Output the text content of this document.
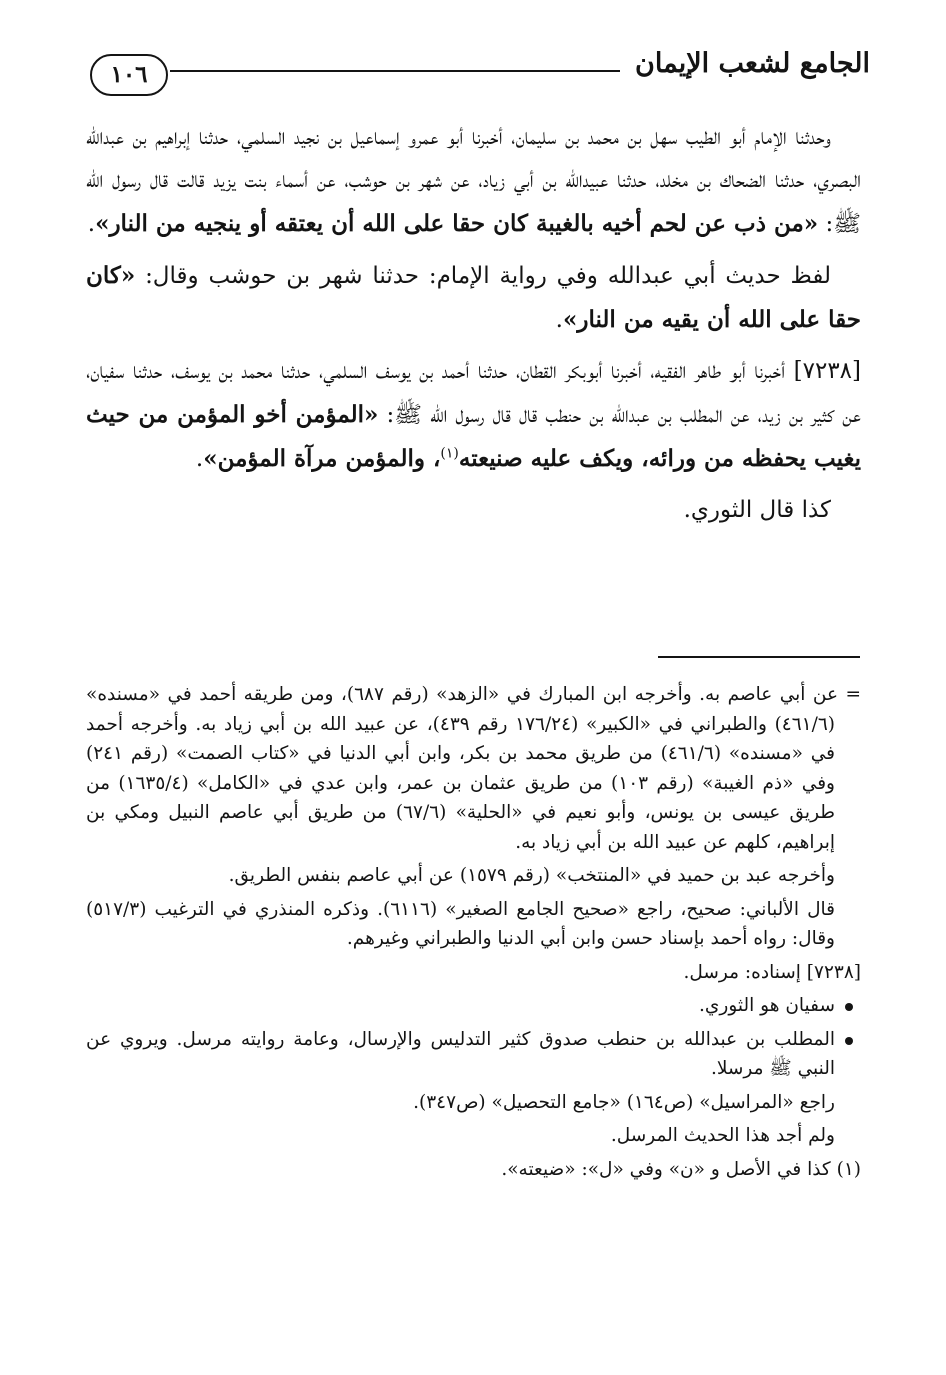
الجامع لشعب الإيمان
١٠٦

وحدثنا الإمام أبو الطيب سهل بن محمد بن سليمان، أخبرنا أبو عمرو إسماعيل بن نجيد السلمي، حدثنا إبراهيم بن عبدالله البصري، حدثنا الضحاك بن مخلد، حدثنا عبيدالله بن أبي زياد، عن شهر بن حوشب، عن أسماء بنت يزيد قالت قال رسول الله ﷺ: «من ذب عن لحم أخيه بالغيبة كان حقا على الله أن يعتقه أو ينجيه من النار».

لفظ حديث أبي عبدالله وفي رواية الإمام: حدثنا شهر بن حوشب وقال: «كان حقا على الله أن يقيه من النار».

[٧٢٣٨] أخبرنا أبو طاهر الفقيه، أخبرنا أبوبكر القطان، حدثنا أحمد بن يوسف السلمي، حدثنا محمد بن يوسف، حدثنا سفيان، عن كثير بن زيد، عن المطلب بن عبدالله بن حنطب قال قال رسول الله ﷺ: «المؤمن أخو المؤمن من حيث يغيب يحفظه من ورائه، ويكف عليه صنيعته$^{(١)}$، والمؤمن مرآة المؤمن».

كذا قال الثوري.

= عن أبي عاصم به. وأخرجه ابن المبارك في «الزهد» (رقم ٦٨٧)، ومن طريقه أحمد في «مسنده» (٤٦١/٦) والطبراني في «الكبير» (١٧٦/٢٤ رقم ٤٣٩)، عن عبيد الله بن أبي زياد به. وأخرجه أحمد في «مسنده» (٤٦١/٦) من طريق محمد بن بكر، وابن أبي الدنيا في «كتاب الصمت» (رقم ٢٤١) وفي «ذم الغيبة» (رقم ١٠٣) من طريق عثمان بن عمر، وابن عدي في «الكامل» (١٦٣٥/٤) من طريق عيسى بن يونس، وأبو نعيم في «الحلية» (٦٧/٦) من طريق أبي عاصم النبيل ومكي بن إبراهيم، كلهم عن عبيد الله بن أبي زياد به.

وأخرجه عبد بن حميد في «المنتخب» (رقم ١٥٧٩) عن أبي عاصم بنفس الطريق.

قال الألباني: صحيح، راجع «صحيح الجامع الصغير» (٦١١٦). وذكره المنذري في الترغيب (٥١٧/٣) وقال: رواه أحمد بإسناد حسن وابن أبي الدنيا والطبراني وغيرهم.

[٧٢٣٨] إسناده: مرسل.

سفيان هو الثوري.

المطلب بن عبدالله بن حنطب صدوق كثير التدليس والإرسال، وعامة روايته مرسل. ويروي عن النبي ﷺ مرسلا.

راجع «المراسيل» (ص١٦٤) «جامع التحصيل» (ص٣٤٧).

ولم أجد هذا الحديث المرسل.

(١) كذا في الأصل و «ن» وفي «ل»: «ضيعته».
